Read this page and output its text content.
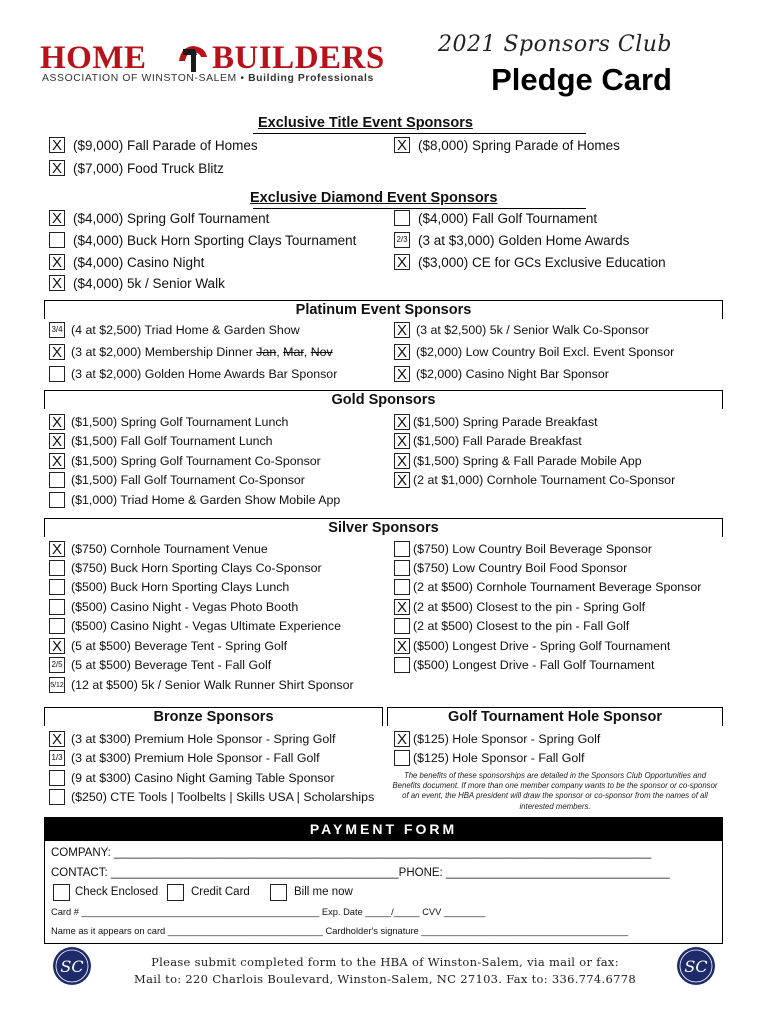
HOME BUILDERS
ASSOCIATION OF WINSTON-SALEM • Building Professionals
2021 Sponsors Club
Pledge Card
Exclusive Title Event Sponsors
X ($9,000) Fall Parade of Homes
X ($7,000) Food Truck Blitz
X ($8,000) Spring Parade of Homes
Exclusive Diamond Event Sponsors
X ($4,000) Spring Golf Tournament
($4,000) Buck Horn Sporting Clays Tournament
X ($4,000) Casino Night
X ($4,000) 5k / Senior Walk
($4,000) Fall Golf Tournament
2/3 (3 at $3,000) Golden Home Awards
X ($3,000) CE for GCs Exclusive Education
Platinum Event Sponsors
3/4 (4 at $2,500) Triad Home & Garden Show
X (3 at $2,000) Membership Dinner Jan, Mar, Nov
(3 at $2,000) Golden Home Awards Bar Sponsor
X (3 at $2,500) 5k / Senior Walk Co-Sponsor
X ($2,000) Low Country Boil Excl. Event Sponsor
X ($2,000) Casino Night Bar Sponsor
Gold Sponsors
X ($1,500) Spring Golf Tournament Lunch
X ($1,500) Fall Golf Tournament Lunch
X ($1,500) Spring Golf Tournament Co-Sponsor
($1,500) Fall Golf Tournament Co-Sponsor
($1,000) Triad Home & Garden Show Mobile App
X ($1,500) Spring Parade Breakfast
X ($1,500) Fall Parade Breakfast
X ($1,500) Spring & Fall Parade Mobile App
X (2 at $1,000) Cornhole Tournament Co-Sponsor
Silver Sponsors
X ($750) Cornhole Tournament Venue
($750) Buck Horn Sporting Clays Co-Sponsor
($500) Buck Horn Sporting Clays Lunch
($500) Casino Night - Vegas Photo Booth
($500) Casino Night - Vegas Ultimate Experience
X (5 at $500) Beverage Tent - Spring Golf
2/5 (5 at $500) Beverage Tent - Fall Golf
5/12 (12 at $500) 5k / Senior Walk Runner Shirt Sponsor
($750) Low Country Boil Beverage Sponsor
($750) Low Country Boil Food Sponsor
(2 at $500) Cornhole Tournament Beverage Sponsor
X (2 at $500) Closest to the pin - Spring Golf
(2 at $500) Closest to the pin - Fall Golf
X ($500) Longest Drive - Spring Golf Tournament
($500) Longest Drive - Fall Golf Tournament
Bronze Sponsors
X (3 at $300) Premium Hole Sponsor - Spring Golf
1/3 (3 at $300) Premium Hole Sponsor - Fall Golf
(9 at $300) Casino Night Gaming Table Sponsor
($250) CTE Tools | Toolbelts | Skills USA | Scholarships
Golf Tournament Hole Sponsor
X ($125) Hole Sponsor - Spring Golf
($125) Hole Sponsor - Fall Golf
The benefits of these sponsorships are detailed in the Sponsors Club Opportunities and Benefits document. If more than one member company wants to be the sponsor or co-sponsor of an event, the HBA president will draw the sponsor or co-sponsor from the names of all interested members.
PAYMENT FORM
COMPANY: ____________________________________________________________________________________
CONTACT: _____________________________________________PHONE: ___________________________________
Check Enclosed	Credit Card	Bill me now
Card # ______________________________________________ Exp. Date _____/_____ CVV ________
Name as it appears on card ______________________________ Cardholder's signature ________________________________________
SC	SC
Please submit completed form to the HBA of Winston-Salem, via mail or fax:
Mail to: 220 Charlois Boulevard, Winston-Salem, NC 27103. Fax to: 336.774.6778
